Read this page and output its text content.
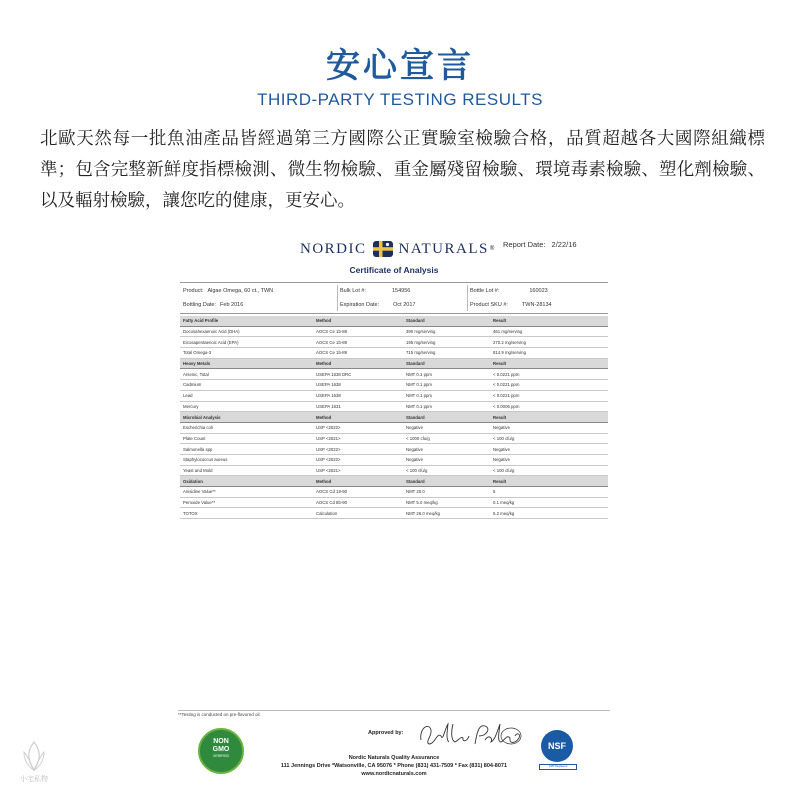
安心宣言
THIRD-PARTY TESTING RESULTS
北歐天然每一批魚油產品皆經過第三方國際公正實驗室檢驗合格，品質超越各大國際組織標準；包含完整新鮮度指標檢測、微生物檢驗、重金屬殘留檢驗、環境毒素檢驗、塑化劑檢驗、以及輻射檢驗，讓您吃的健康，更安心。
NORDIC NATURALS ® Report Date: 2/22/16
Certificate of Analysis
Product: Algae Omega, 60 ct., TWN
Bottling Date: Feb 2016
Bulk Lot #:	154956
Expiration Date:	Oct 2017
Bottle Lot #:	160023
Product SKU #:	TWN-28134
Fatty Acid Profile	Method	Standard	Result
Docosahexaenoic Acid (DHA)	AOCS Ce 1b-89	390 mg/serving	461 mg/serving
Eicosapentaenoic Acid (EPA)	AOCS Ce 1b-89	195 mg/serving	270.2 mg/serving
Total Omega-3	AOCS Ce 1b-89	715 mg/serving	814.9 mg/serving
Heavy Metals	Method	Standard	Result
Arsenic, Total	USEPA 1638 DRC	NMT 0.1 ppm	< 0.0221 ppm
Cadmium	USEPA 1638	NMT 0.1 ppm	< 0.0221 ppm
Lead	USEPA 1638	NMT 0.1 ppm	< 0.0221 ppm
Mercury	USEPA 1631	NMT 0.1 ppm	< 0.0006 ppm
Microbial Analysis	Method	Standard	Result
Escherichia coli	USP <2022>	Negative	Negative
Plate Count	USP <2021>	< 1000 cfu/g	< 100 cfu/g
Salmonella spp	USP <2022>	Negative	Negative
Staphylococcus aureus	USP <2022>	Negative	Negative
Yeast and Mold	USP <2021>	< 100 cfu/g	< 100 cfu/g
Oxidation	Method	Standard	Result
Anisidine Value**	AOCS Cd 18-90	NMT 20.0	5
Peroxide Value**	AOCS Cd 8b-90	NMT 5.0 meq/kg	0.1 meq/kg
TOTOX	Calculation	NMT 26.0 meq/kg	5.2 meq/kg
**Testing is conducted on pre-flavored oil.
NON
GMO
VERIFIED
Approved by:
NSF
GMP Registered
Nordic Naturals Quality Assurance
111 Jennings Drive *Watsonville, CA 95076 * Phone (831) 431-7509 * Fax (831) 804-8071
www.nordicnaturals.com
小宅私物
